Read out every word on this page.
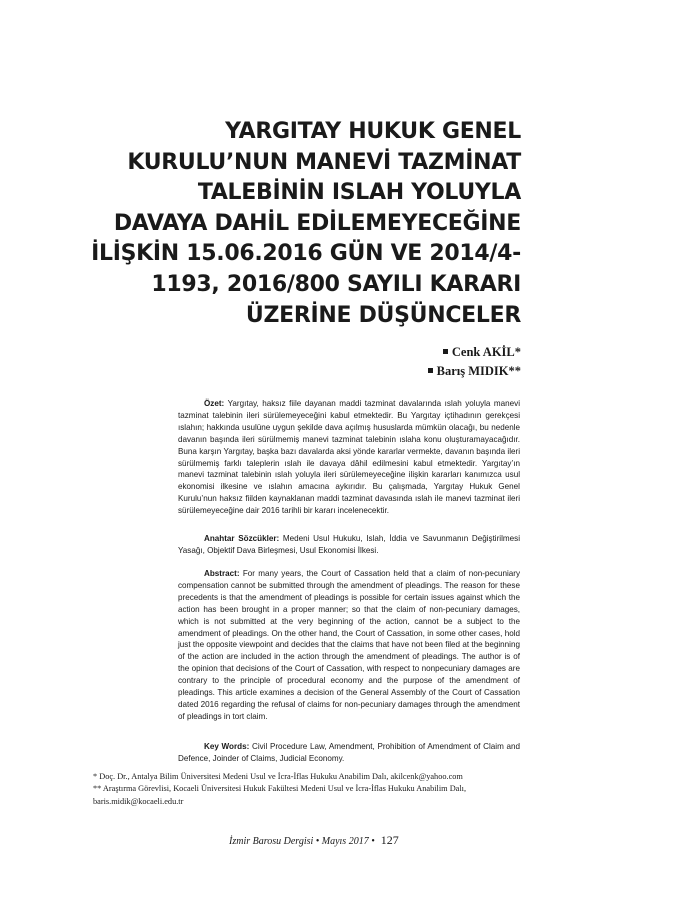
YARGITAY HUKUK GENEL
KURULU’NUN MANEVİ TAZMİNAT
TALEBİNİN ISLAH YOLUYLA
DAVAYA DAHİL EDİLEMEYECEĞİNE
İLİŞKİN 15.06.2016 GÜN VE 2014/4-
1193, 2016/800 SAYILI KARARI
ÜZERİNE DÜŞÜNCELER
Cenk AKİL*
Barış MIDIK**
Özet: Yargıtay, haksız fiile dayanan maddi tazminat davalarında ıslah yoluyla manevi tazminat talebinin ileri sürülemeyeceğini kabul etmektedir. Bu Yargıtay içtihadının gerekçesi ıslahın; hakkında usulüne uygun şekilde dava açılmış hususlarda mümkün olacağı, bu nedenle davanın başında ileri sürülmemiş manevi tazminat talebinin ıslaha konu oluşturamayacağıdır. Buna karşın Yargıtay, başka bazı davalarda aksi yönde kararlar vermekte, davanın başında ileri sürülmemiş farklı taleplerin ıslah ile davaya dâhil edilmesini kabul etmektedir. Yargıtay’ın manevi tazminat talebinin ıslah yoluyla ileri sürülemeyeceğine ilişkin kararları kanımızca usul ekonomisi ilkesine ve ıslahın amacına aykırıdır. Bu çalışmada, Yargıtay Hukuk Genel Kurulu’nun haksız fiilden kaynaklanan maddi tazminat davasında ıslah ile manevi tazminat ileri sürülemeyeceğine dair 2016 tarihli bir kararı incelenecektir.
Anahtar Sözcükler: Medeni Usul Hukuku, Islah, İddia ve Savunmanın Değiştirilmesi Yasağı, Objektif Dava Birleşmesi, Usul Ekonomisi İlkesi.
Abstract: For many years, the Court of Cassation held that a claim of non-pecuniary compensation cannot be submitted through the amendment of pleadings. The reason for these precedents is that the amendment of pleadings is possible for certain issues against which the action has been brought in a proper manner; so that the claim of non-pecuniary damages, which is not submitted at the very beginning of the action, cannot be a subject to the amendment of pleadings. On the other hand, the Court of Cassation, in some other cases, hold just the opposite viewpoint and decides that the claims that have not been filed at the beginning of the action are included in the action through the amendment of pleadings. The author is of the opinion that decisions of the Court of Cassation, with respect to nonpecuniary damages are contrary to the principle of procedural economy and the purpose of the amendment of pleadings. This article examines a decision of the General Assembly of the Court of Cassation dated 2016 regarding the refusal of claims for non-pecuniary damages through the amendment of pleadings in tort claim.
Key Words: Civil Procedure Law, Amendment, Prohibition of Amendment of Claim and Defence, Joinder of Claims, Judicial Economy.
* Doç. Dr., Antalya Bilim Üniversitesi Medeni Usul ve İcra-İflas Hukuku Anabilim Dalı, akilcenk@yahoo.com
** Araştırma Görevlisi, Kocaeli Üniversitesi Hukuk Fakültesi Medeni Usul ve İcra-İflas Hukuku Anabilim Dalı,
baris.midik@kocaeli.edu.tr
İzmir Barosu Dergisi • Mayıs 2017 • 127
